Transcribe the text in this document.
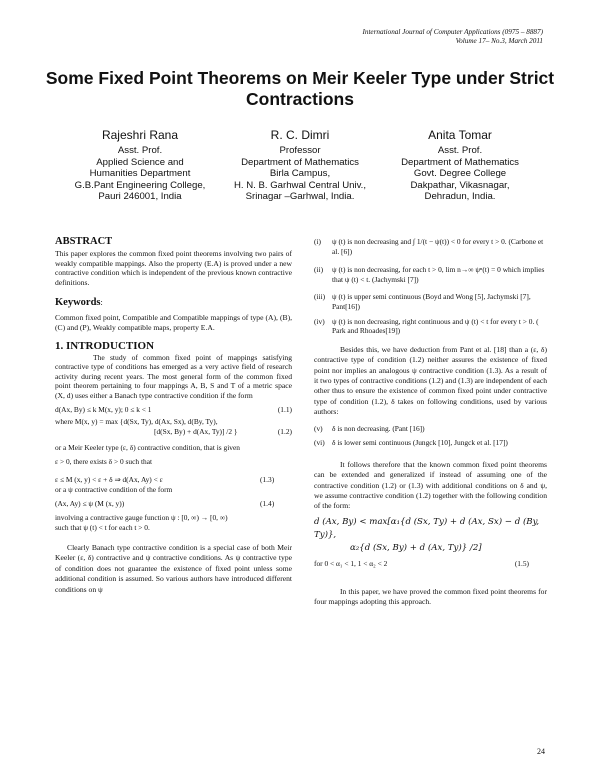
International Journal of Computer Applications (0975 – 8887)
Volume 17– No.3, March 2011
Some Fixed Point Theorems on Meir Keeler Type under Strict Contractions
Rajeshri Rana
Asst. Prof.
Applied Science and
Humanities Department
G.B.Pant Engineering College,
Pauri 246001, India
R. C. Dimri
Professor
Department of Mathematics
Birla Campus,
H. N. B. Garhwal Central Univ.,
Srinagar –Garhwal, India.
Anita Tomar
Asst. Prof.
Department of Mathematics
Govt. Degree College
Dakpathar, Vikasnagar,
Dehradun, India.
ABSTRACT
This paper explores the common fixed point theorems involving two pairs of weakly compatible mappings. Also the property (E.A) is proved under a new contractive condition which is independent of the previous known contractive definitions.
Keywords:
Common fixed point, Compatible and Compatible mappings of type (A), (B), (C) and (P), Weakly compatible maps, property E.A.
1. INTRODUCTION
The study of common fixed point of mappings satisfying contractive type of conditions has emerged as a very active field of research activity during recent years. The most general form of the common fixed point theorem pertaining to four mappings A, B, S and T of a metric space (X, d) uses either a Banach type contractive condition if the form
d(Ax, By) ≤ k M(x, y); 0 ≤ k < 1	(1.1)
where M(x, y) = max {d(Sx, Ty), d(Ax, Sx), d(By, Ty),
[d(Sx, By) + d(Ax, Ty)] /2 }	(1.2)
or a Meir Keeler type (ε, δ) contractive condition, that is given
ε > 0, there exists δ > 0 such that
ε ≤ M (x, y) < ε + δ ⇒ d(Ax, Ay) < ε	(1.3)
or a ψ contractive condition of the form
(Ax, Ay) ≤ ψ (M (x, y))	(1.4)
involving a contractive gauge function ψ : [0, ∞) → [0, ∞)
such that ψ (t) < t for each t > 0.
Clearly Banach type contractive condition is a special case of both Meir Keeler (ε, δ) contractive and ψ contractive conditions. As ψ contractive type of condition does not guarantee the existence of fixed point unless some additional condition is assumed. So various authors have introduced different conditions on ψ
(i)	ψ (t) is non decreasing and ∫ 1/(t − ψ(t)) < 0 for every t > 0. (Carbone et al. [6])
(ii)	ψ (t) is non decreasing, for each t > 0, lim n→∞ ψⁿ(t) = 0 which implies that ψ (t) < t. (Jachymski [7])
(iii) ψ (t) is upper semi continuous (Boyd and Wong [5], Jachymski [7], Pant[16])
(iv) ψ (t) is non decreasing, right continuous and ψ (t) < t for every t > 0. ( Park and Rhoades[19])
Besides this, we have deduction from Pant et al. [18] than a (ε, δ) contractive type of condition (1.2) neither assures the existence of fixed point nor implies an analogous ψ contractive condition (1.3). As a result of it two types of contractive conditions (1.2) and (1.3) are independent of each other thus to ensure the existence of common fixed point under contractive type of condition (1.2), δ takes on following conditions, used by various authors:
(v)	δ is non decreasing. (Pant [16])
(vi) δ is lower semi continuous (Jungck [10], Jungck et al. [17])
It follows therefore that the known common fixed point theorems can be extended and generalized if instead of assuming one of the contractive condition (1.2) or (1.3) with additional conditions on δ and ψ, we assume contractive condition (1.2) together with the following condition of the form:
d (Ax, By) < max[α₁{d (Sx, Ty) + d (Ax, Sx) − d (By, Ty)},
α₂{d (Sx, By) + d (Ax, Ty)} /2]
for 0 < α₁ < 1, 1 < α₂ < 2	(1.5)
In this paper, we have proved the common fixed point theorems for four mappings adopting this approach.
24
